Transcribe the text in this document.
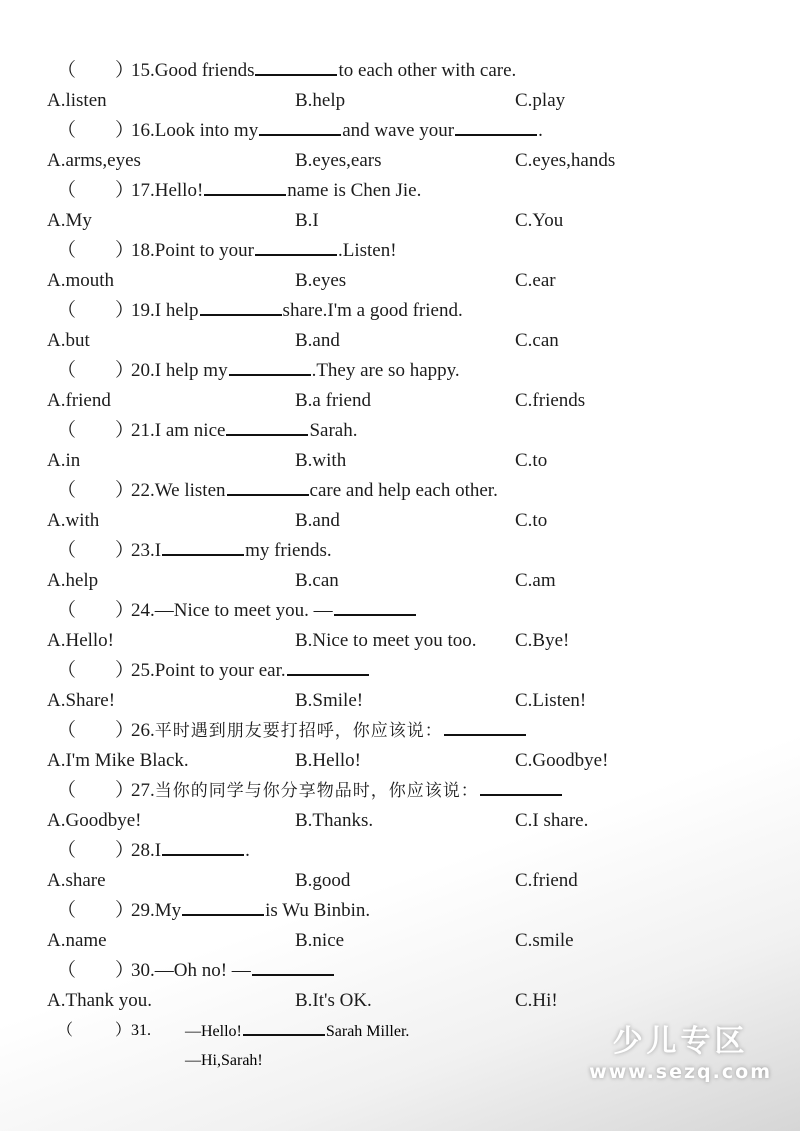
（ ）
15.Good friends	to each other with care.
A.listen	B.help	C.play
（ ）
16.Look into my	and wave your	.
A.arms,eyes	B.eyes,ears	C.eyes,hands
（ ）
17.Hello!	name is Chen Jie.
A.My	B.I	C.You
（ ）
18.Point to your	.Listen!
A.mouth	B.eyes	C.ear
（ ）
19.I help	share.I'm a good friend.
A.but	B.and	C.can
（ ）
20.I help my	.They are so happy.
A.friend	B.a friend	C.friends
（ ）
21.I am nice	Sarah.
A.in	B.with	C.to
（ ）
22.We listen	care and help each other.
A.with	B.and	C.to
（ ）
23.I	my friends.
A.help	B.can	C.am
（ ）
24.—Nice to meet you. —
A.Hello!	B.Nice to meet you too. C.Bye!
（ ）
25.Point to your ear.
A.Share!	B.Smile!	C.Listen!
（ ）
26.平时遇到朋友要打招呼，你应该说：
A.I'm Mike Black.	B.Hello!	C.Goodbye!
（ ）
27.当你的同学与你分享物品时，你应该说：
A.Goodbye!	B.Thanks.	C.I share.
（ ）
28.I	.
A.share	B.good	C.friend
（ ）
29.My	is Wu Binbin.
A.name	B.nice	C.smile
（ ）
30.—Oh no! —
A.Thank you.	B.It's OK.	C.Hi!
（	） 31. —Hello!	Sarah Miller.
—Hi,Sarah!
少儿专区
www.sezq.com
